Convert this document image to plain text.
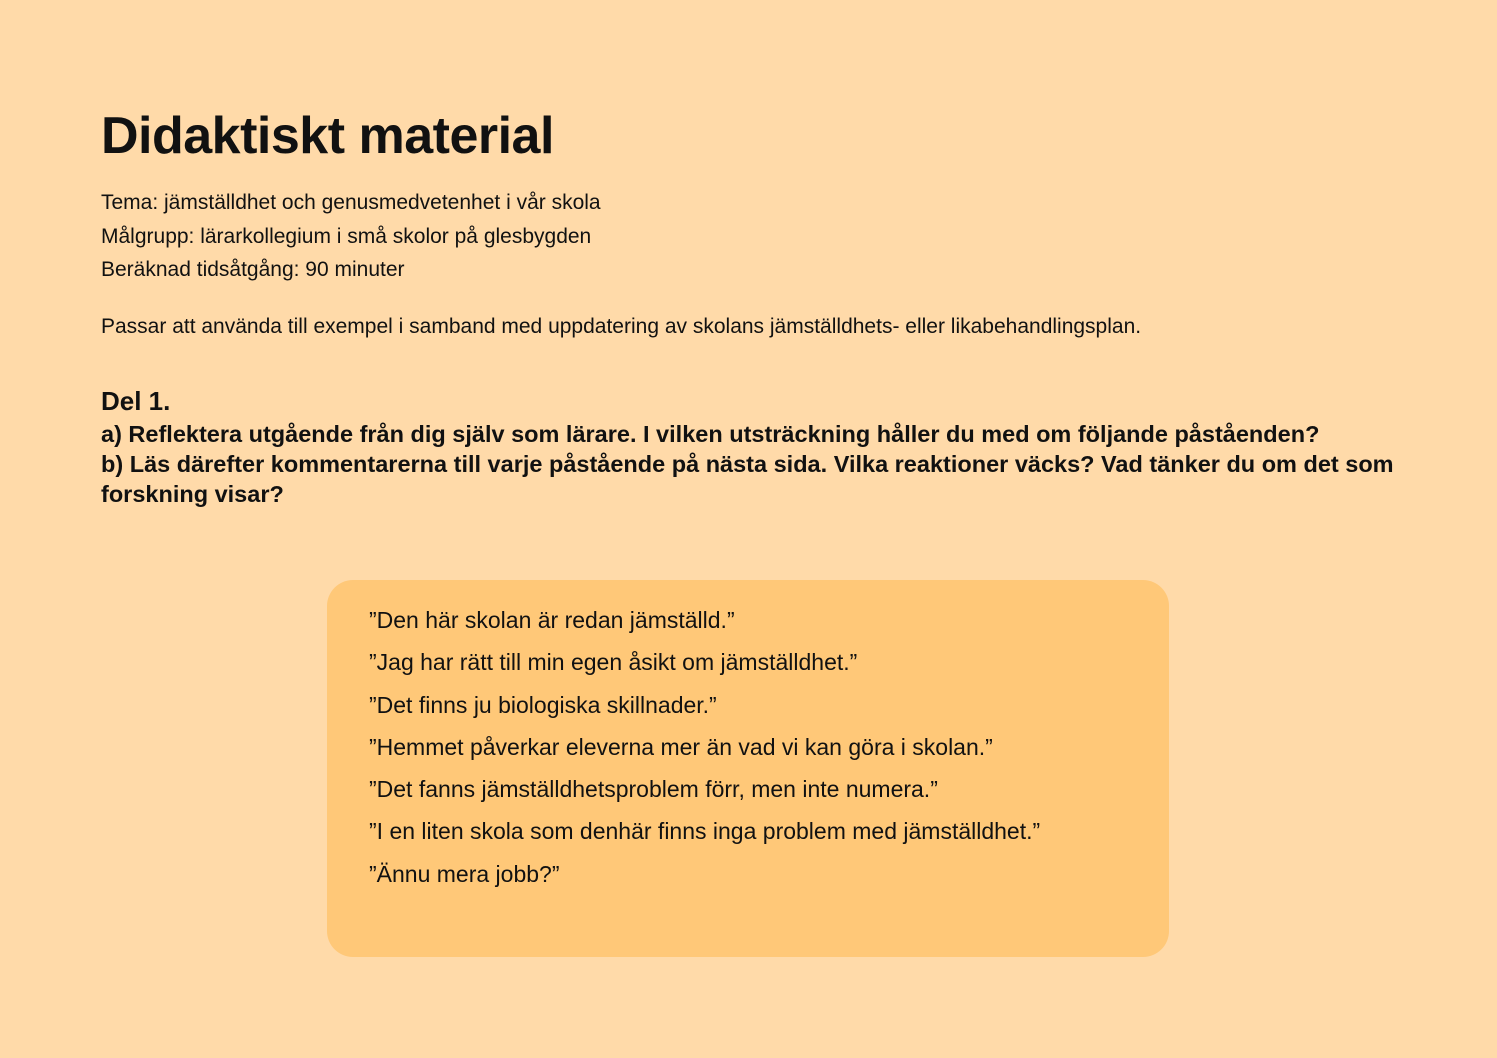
Didaktiskt material
Tema: jämställdhet och genusmedvetenhet i vår skola
Målgrupp: lärarkollegium i små skolor på glesbygden
Beräknad tidsåtgång: 90 minuter

Passar att använda till exempel i samband med uppdatering av skolans jämställdhets- eller likabehandlingsplan.

Del 1.

a) Reflektera utgående från dig själv som lärare. I vilken utsträckning håller du med om följande påståenden?

b) Läs därefter kommentarerna till varje påstående på nästa sida. Vilka reaktioner väcks? Vad tänker du om det som forskning visar?

”Den här skolan är redan jämställd.”
”Jag har rätt till min egen åsikt om jämställdhet.”
”Det finns ju biologiska skillnader.”
”Hemmet påverkar eleverna mer än vad vi kan göra i skolan.”
”Det fanns jämställdhetsproblem förr, men inte numera.”
”I en liten skola som denhär finns inga problem med jämställdhet.”
”Ännu mera jobb?”
